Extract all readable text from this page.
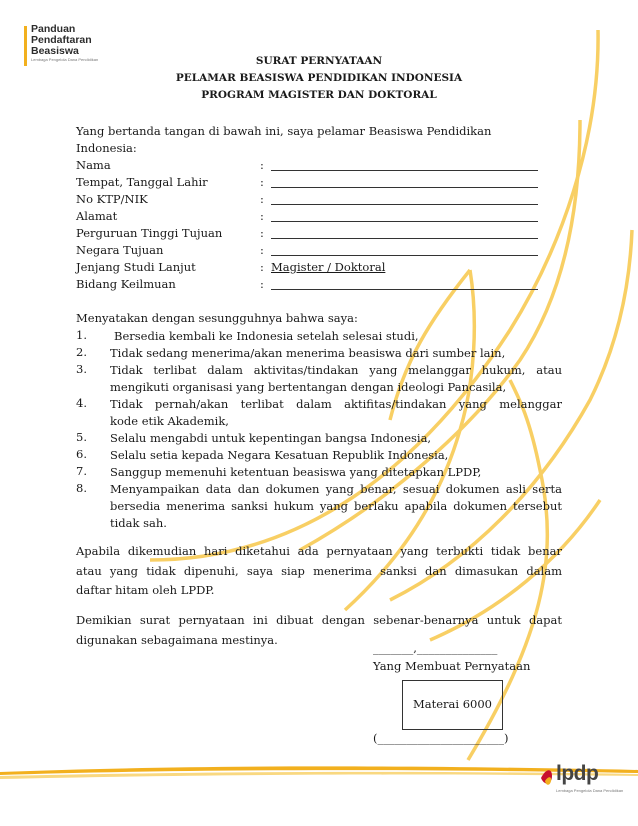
Panduan
Pendaftaran
Beasiswa
Lembaga Pengelola Dana Pendidikan	SURAT PERNYATAAN
PELAMAR BEASISWA PENDIDIKAN INDONESIA
PROGRAM MAGISTER DAN DOKTORAL
Yang bertanda tangan di bawah ini, saya pelamar Beasiswa Pendidikan
Indonesia:
Nama	:
Tempat, Tanggal Lahir	:
No KTP/NIK	:
Alamat	:
Perguruan Tinggi Tujuan	:
Negara Tujuan	:
Jenjang Studi Lanjut	: Magister / Doktoral
Bidang Keilmuan	:
Menyatakan dengan sesungguhnya bahwa saya:
1. Bersedia kembali ke Indonesia setelah selesai studi,
2. Tidak sedang menerima/akan menerima beasiswa dari sumber lain,
3. Tidak terlibat dalam aktivitas/tindakan yang melanggar hukum, atau
mengikuti organisasi yang bertentangan dengan ideologi Pancasila,
4. Tidak pernah/akan terlibat dalam aktifitas/tindakan yang melanggar
kode etik Akademik,
5. Selalu mengabdi untuk kepentingan bangsa Indonesia,
6. Selalu setia kepada Negara Kesatuan Republik Indonesia,
7. Sanggup memenuhi ketentuan beasiswa yang ditetapkan LPDP,
8. Menyampaikan data dan dokumen yang benar, sesuai dokumen asli serta
bersedia menerima sanksi hukum yang berlaku apabila dokumen tersebut
tidak sah.
Apabila dikemudian hari diketahui ada pernyataan yang terbukti tidak benar
atau yang tidak dipenuhi, saya siap menerima sanksi dan dimasukan dalam
daftar hitam oleh LPDP.
Demikian surat pernyataan ini dibuat dengan sebenar-benarnya untuk dapat
digunakan sebagaimana mestinya.
_______,______________
Yang Membuat Pernyataan
Materai 6000
(______________________)
lpdp
Lembaga Pengelola Dana Pendidikan
